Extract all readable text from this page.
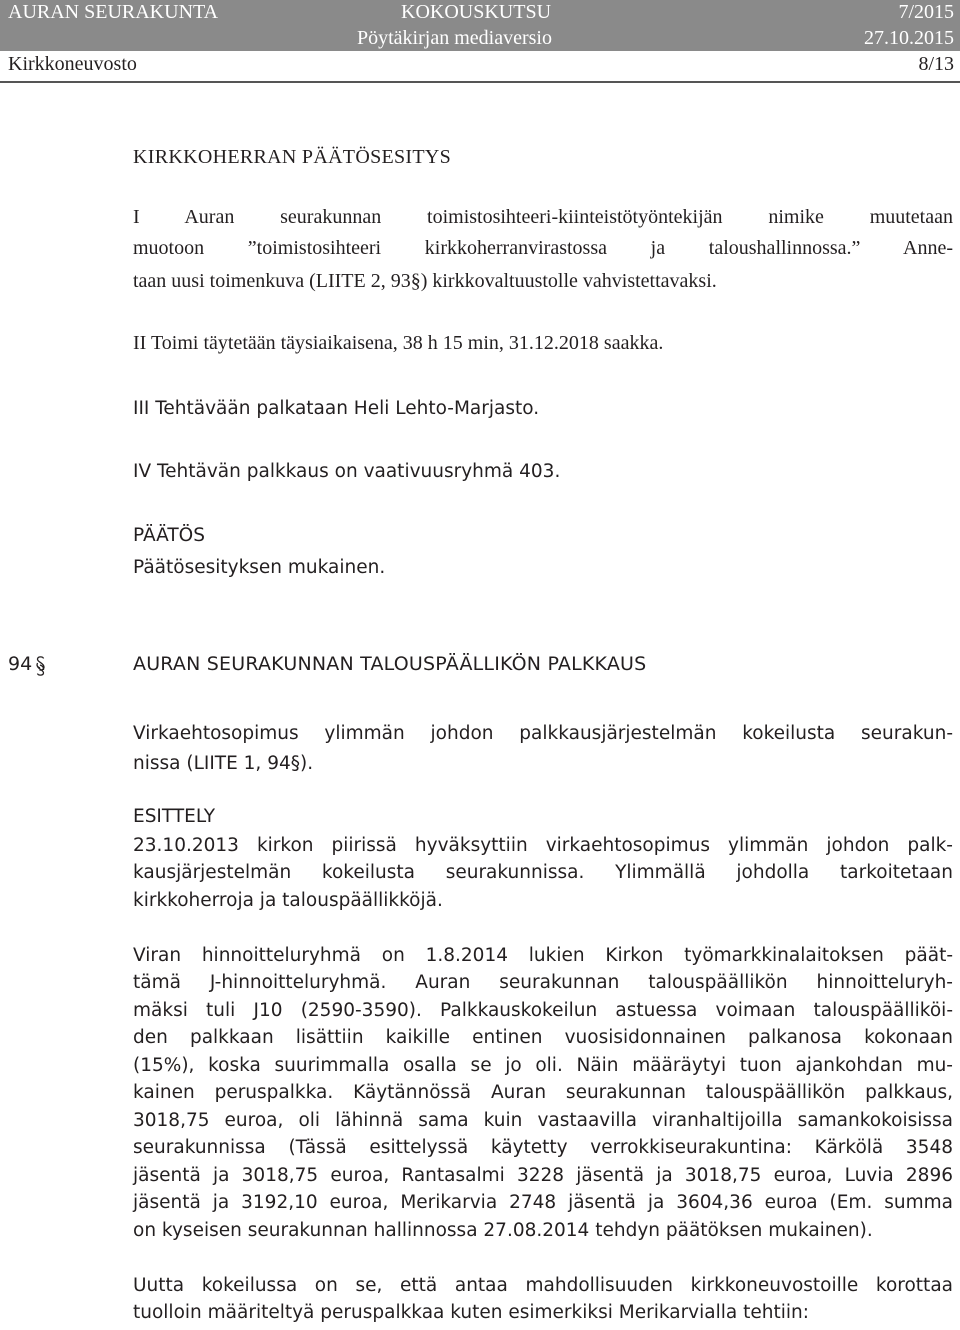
AURAN SEURAKUNTA	KOKOUSKUTSU	7/2015
Pöytäkirjan mediaversio	27.10.2015
Kirkkoneuvosto	8/13
KIRKKOHERRAN PÄÄTÖSESITYS
I Auran seurakunnan toimistosihteeri-kiinteistötyöntekijän nimike muutetaan
muotoon ”toimistosihteeri kirkkoherranvirastossa ja taloushallinnossa.” Anne-
taan uusi toimenkuva (LIITE 2, 93§) kirkkovaltuustolle vahvistettavaksi.
II Toimi täytetään täysiaikaisena, 38 h 15 min, 31.12.2018 saakka.
III Tehtävään palkataan Heli Lehto-Marjasto.
IV Tehtävän palkkaus on vaativuusryhmä 403.
PÄÄTÖS
Päätösesityksen mukainen.
94	AURAN SEURAKUNNAN TALOUSPÄÄLLIKÖN PALKKAUS
Virkaehtosopimus ylimmän johdon palkkausjärjestelmän kokeilusta seurakun-
nissa (LIITE 1, 94§).
ESITTELY
23.10.2013 kirkon piirissä hyväksyttiin virkaehtosopimus ylimmän johdon palk-
kausjärjestelmän kokeilusta seurakunnissa. Ylimmällä johdolla tarkoitetaan
kirkkoherroja ja talouspäällikköjä.
Viran hinnoitteluryhmä on 1.8.2014 lukien Kirkon työmarkkinalaitoksen päät-
tämä J-hinnoitteluryhmä. Auran seurakunnan talouspäällikön hinnoitteluryh-
mäksi tuli J10 (2590-3590). Palkkauskokeilun astuessa voimaan talouspäälliköi-
den palkkaan lisättiin kaikille entinen vuosisidonnainen palkanosa kokonaan
(15%), koska suurimmalla osalla se jo oli. Näin määräytyi tuon ajankohdan mu-
kainen peruspalkka. Käytännössä Auran seurakunnan talouspäällikön palkkaus,
3018,75 euroa, oli lähinnä sama kuin vastaavilla viranhaltijoilla samankokoisissa
seurakunnissa (Tässä esittelyssä käytetty verrokkiseurakuntina: Kärkölä 3548
jäsentä ja 3018,75 euroa, Rantasalmi 3228 jäsentä ja 3018,75 euroa, Luvia 2896
jäsentä ja 3192,10 euroa, Merikarvia 2748 jäsentä ja 3604,36 euroa (Em. summa
on kyseisen seurakunnan hallinnossa 27.08.2014 tehdyn päätöksen mukainen).
Uutta kokeilussa on se, että antaa mahdollisuuden kirkkoneuvostoille korottaa
tuolloin määriteltyä peruspalkkaa kuten esimerkiksi Merikarvialla tehtiin:
